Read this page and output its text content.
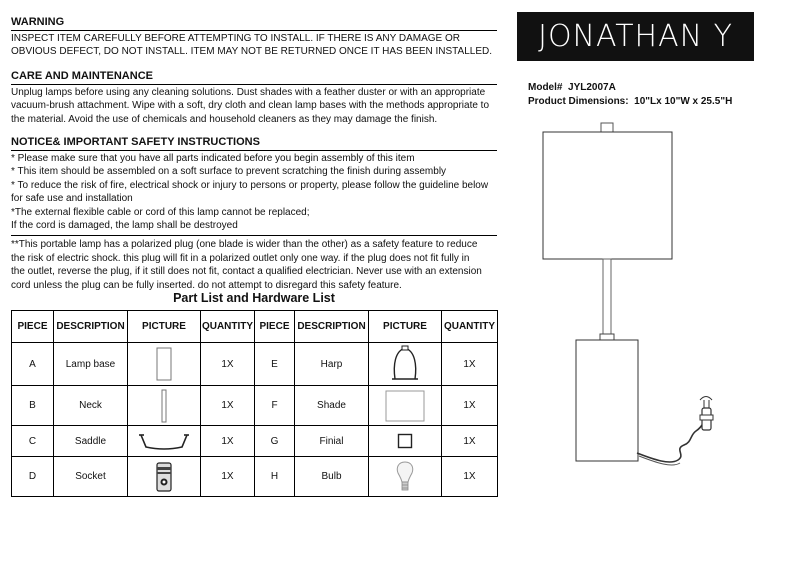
WARNING
INSPECT ITEM CAREFULLY BEFORE ATTEMPTING TO INSTALL. IF THERE IS ANY DAMAGE OR
OBVIOUS DEFECT, DO NOT INSTALL. ITEM MAY NOT BE RETURNED ONCE IT HAS BEEN INSTALLED.
CARE AND MAINTENANCE
Unplug lamps before using any cleaning solutions. Dust shades with a feather duster or with an appropriate
vacuum-brush attachment. Wipe with a soft, dry cloth and clean lamp bases with the methods appropriate to
the material. Avoid the use of chemicals and household cleaners as they may damage the finish.
NOTICE& IMPORTANT SAFETY INSTRUCTIONS
* Please make sure that you have all parts indicated before you begin assembly of this item
* This item should be assembled on a soft surface to prevent scratching the finish during assembly
* To reduce the risk of fire, electrical shock or injury to persons or property, please follow the guideline below
for safe use and installation
*The external flexible cable or cord of this lamp cannot be replaced;
If the cord is damaged, the lamp shall be destroyed
**This portable lamp has a polarized plug (one blade is wider than the other) as a safety feature to reduce
the risk of electric shock. this plug will fit in a polarized outlet only one way. if the plug does not fit fully in
the outlet, reverse the plug, if it still does not fit, contact a qualified electrician. Never use with an extension
cord unless the plug can be fully inserted. do not attempt to disregard this safety feature.
JONATHAN Y
Model# JYL2007A
Product Dimensions: 10"Lx 10"W x 25.5"H
Part List and Hardware List
PIECE	DESCRIPTION	PICTURE	QUANTITY	PIECE	DESCRIPTION	PICTURE	QUANTITY
A	Lamp base		1X	E	Harp		1X
B	Neck		1X	F	Shade		1X
C	Saddle		1X	G	Finial		1X
D	Socket		1X	H	Bulb		1X
